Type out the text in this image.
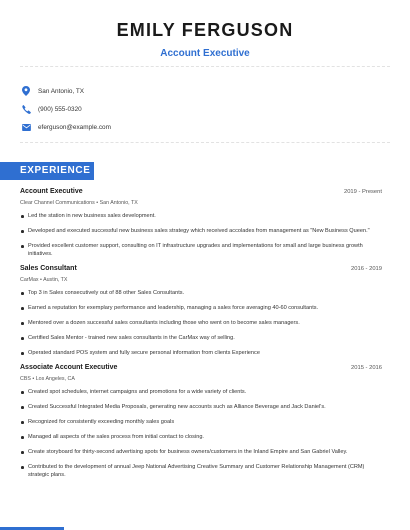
EMILY FERGUSON
Account Executive
San Antonio, TX
(900) 555-0320
eferguson@example.com
EXPERIENCE
Account Executive	2019 - Present
Clear Channel Communications • San Antonio, TX
Led the station in new business sales development.
Developed and executed successful new business sales strategy which received accolades from management as "New Business Queen."
Provided excellent customer support, consulting on IT infrastructure upgrades and implementations for small and large business growth initiatives.
Sales Consultant	2016 - 2019
CarMax • Austin, TX
Top 3 in Sales consecutively out of 88 other Sales Consultants.
Earned a reputation for exemplary performance and leadership, managing a sales force averaging 40-60 consultants.
Mentored over a dozen successful sales consultants including those who went on to become sales managers.
Certified Sales Mentor - trained new sales consultants in the CarMax way of selling.
Operated standard POS system and fully secure personal information from clients Experience
Associate Account Executive	2015 - 2016
CBS • Los Angeles, CA
Created spot schedules, internet campaigns and promotions for a wide variety of clients.
Created Successful Integrated Media Proposals, generating new accounts such as Alliance Beverage and Jack Daniel's.
Recognized for consistently exceeding monthly sales goals
Managed all aspects of the sales process from initial contact to closing.
Create storyboard for thirty-second advertising spots for business owners/customers in the Inland Empire and San Gabriel Valley.
Contributed to the development of annual Jeep National Advertising Creative Summary and Customer Relationship Management (CRM) strategic plans.
